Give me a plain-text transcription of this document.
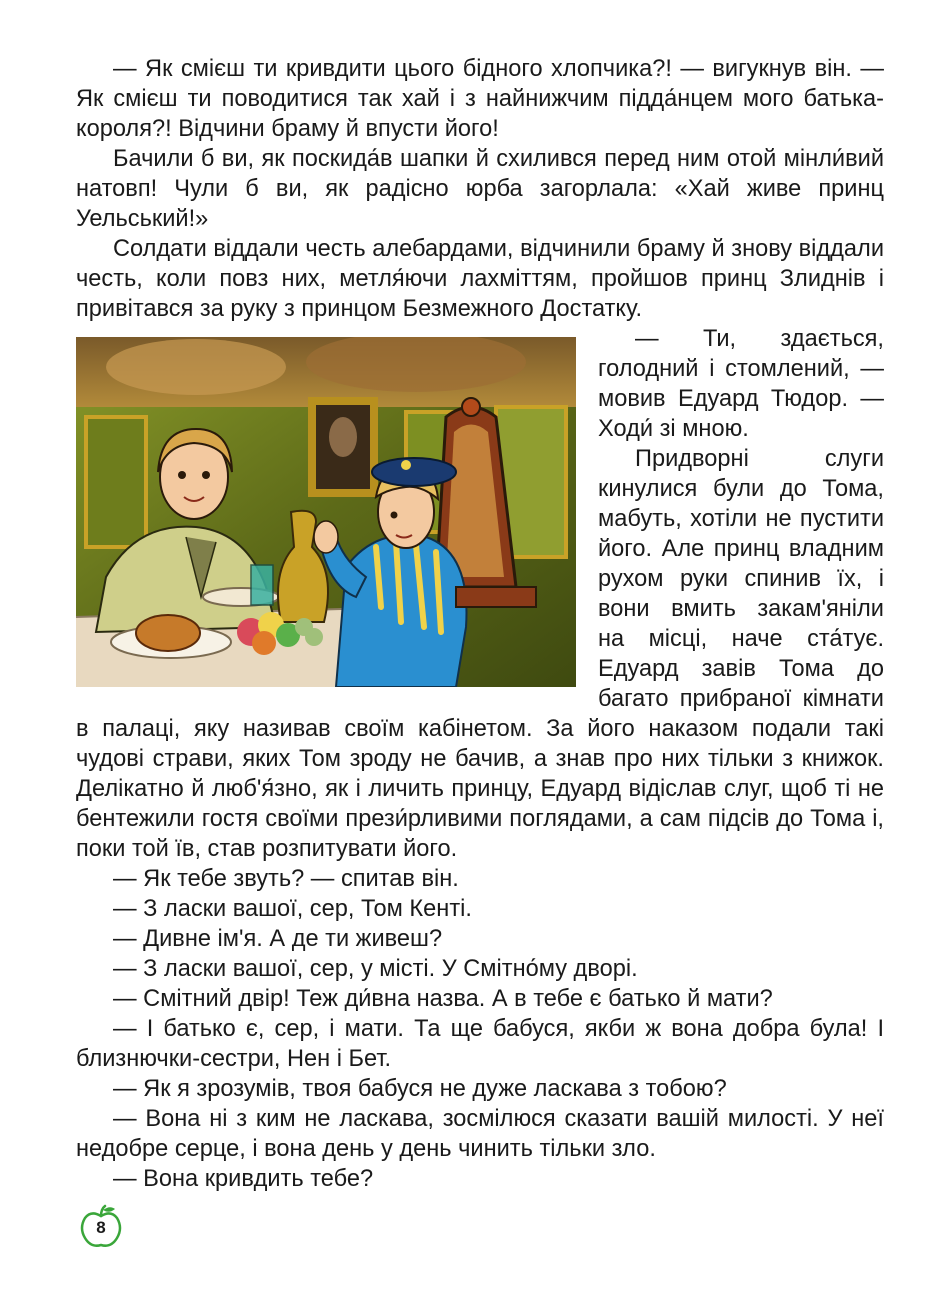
— Як смієш ти кривдити цього бідного хлопчика?! — вигукнув він. — Як смієш ти поводитися так хай і з найнижчим підда́нцем мого батька-короля?! Відчини браму й впусти його!

Бачили б ви, як поскида́в шапки й схилився перед ним отой мінли́вий натовп! Чули б ви, як радісно юрба загорлала: «Хай живе принц Уельський!»

Солдати віддали честь алебардами, відчинили браму й знову віддали честь, коли повз них, метля́ючи лахміттям, пройшов принц Злиднів і привітався за руку з принцом Безмежного Достатку.

— Ти, здається, голодний і стомлений, — мовив Едуард Тюдор. — Ходи́ зі мною.

Придворні слуги кинулися були до Тома, мабуть, хотіли не пустити його. Але принц владним рухом руки спинив їх, і вони вмить закам'яніли на місці, наче ста́тує. Едуард завів Тома до багато прибраної кімнати в палаці, яку називав своїм кабінетом. За його наказом подали такі чудові страви, яких Том зроду не бачив, а знав про них тільки з книжок. Делікатно й люб'я́зно, як і личить принцу, Едуард відіслав слуг, щоб ті не бентежили гостя своїми прези́рливими поглядами, а сам підсів до Тома і, поки той їв, став розпитувати його.

— Як тебе звуть? — спитав він.

— З ласки вашої, сер, Том Кенті.

— Дивне ім'я. А де ти живеш?

— З ласки вашої, сер, у місті. У Смітно́му дворі.

— Смітний двір! Теж ди́вна назва. А в тебе є батько й мати?

— І батько є, сер, і мати. Та ще бабуся, якби ж вона добра була! І близнючки-сестри, Нен і Бет.

— Як я зрозумів, твоя бабуся не дуже ласкава з тобою?

— Вона ні з ким не ласкава, зосмілюся сказати вашій милості. У неї недобре серце, і вона день у день чинить тільки зло.

— Вона кривдить тебе?

8
